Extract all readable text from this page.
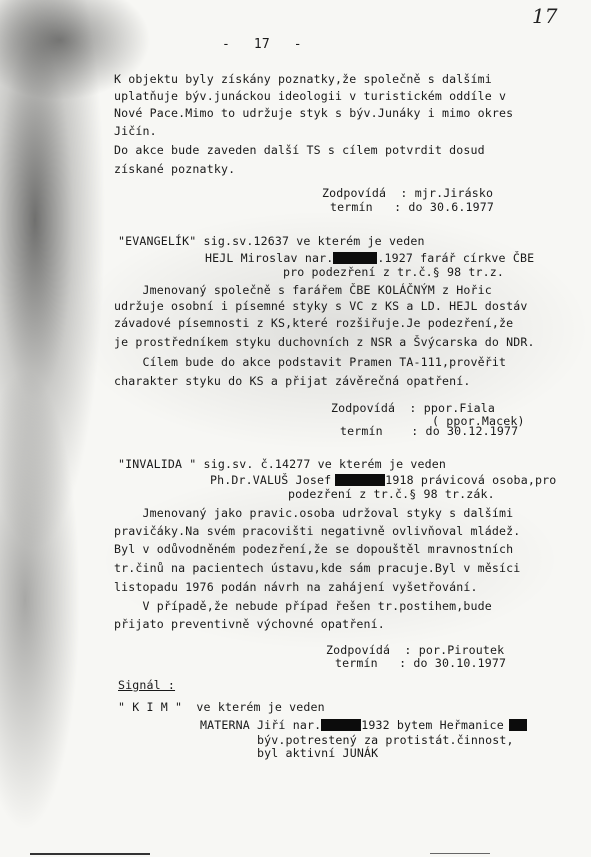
17
-   17   -
K objektu byly získány poznatky,že společně s dalšími
uplatňuje býv.junáckou ideologii v turistickém oddíle v
Nové Pace.Mimo to udržuje styk s býv.Junáky i mimo okres
Jičín.
Do akce bude zaveden další TS s cílem potvrdit dosud
získané poznatky.
Zodpovídá  : mjr.Jirásko
termín   : do 30.6.1977
"EVANGELÍK" sig.sv.12637 ve kterém je veden
HEJL Miroslav nar.	.1927 farář církve ČBE
pro podezření z tr.č.§ 98 tr.z.
Jmenovaný společně s farářem ČBE KOLÁČNÝM z Hořic
udržuje osobní i písemné styky s VC z KS a LD. HEJL dostáv
závadové písemnosti z KS,které rozšiřuje.Je podezření,že
je prostředníkem styku duchovních z NSR a Švýcarska do NDR.
Cílem bude do akce podstavit Pramen TA-111,prověřit
charakter styku do KS a přijat závěrečná opatření.
Zodpovídá  : ppor.Fiala
( ppor.Macek)
termín    : do 30.12.1977
"INVALIDA " sig.sv. č.14277 ve kterém je veden
Ph.Dr.VALUŠ Josef	1918 právicová osoba,pro
podezření z tr.č.§ 98 tr.zák.
Jmenovaný jako pravic.osoba udržoval styky s dalšími
pravičáky.Na svém pracovišti negativně ovlivňoval mládež.
Byl v odůvodněném podezření,že se dopouštěl mravnostních
tr.činů na pacientech ústavu,kde sám pracuje.Byl v měsíci
listopadu 1976 podán návrh na zahájení vyšetřování.
V případě,že nebude případ řešen tr.postihem,bude
přijato preventivně výchovné opatření.
Zodpovídá  : por.Piroutek
termín   : do 30.10.1977
Signál :
" K I M "  ve kterém je veden
MATERNA Jiří nar.	1932 bytem Heřmanice
býv.potrestený za protistát.činnost,
byl aktivní JUNÁK
